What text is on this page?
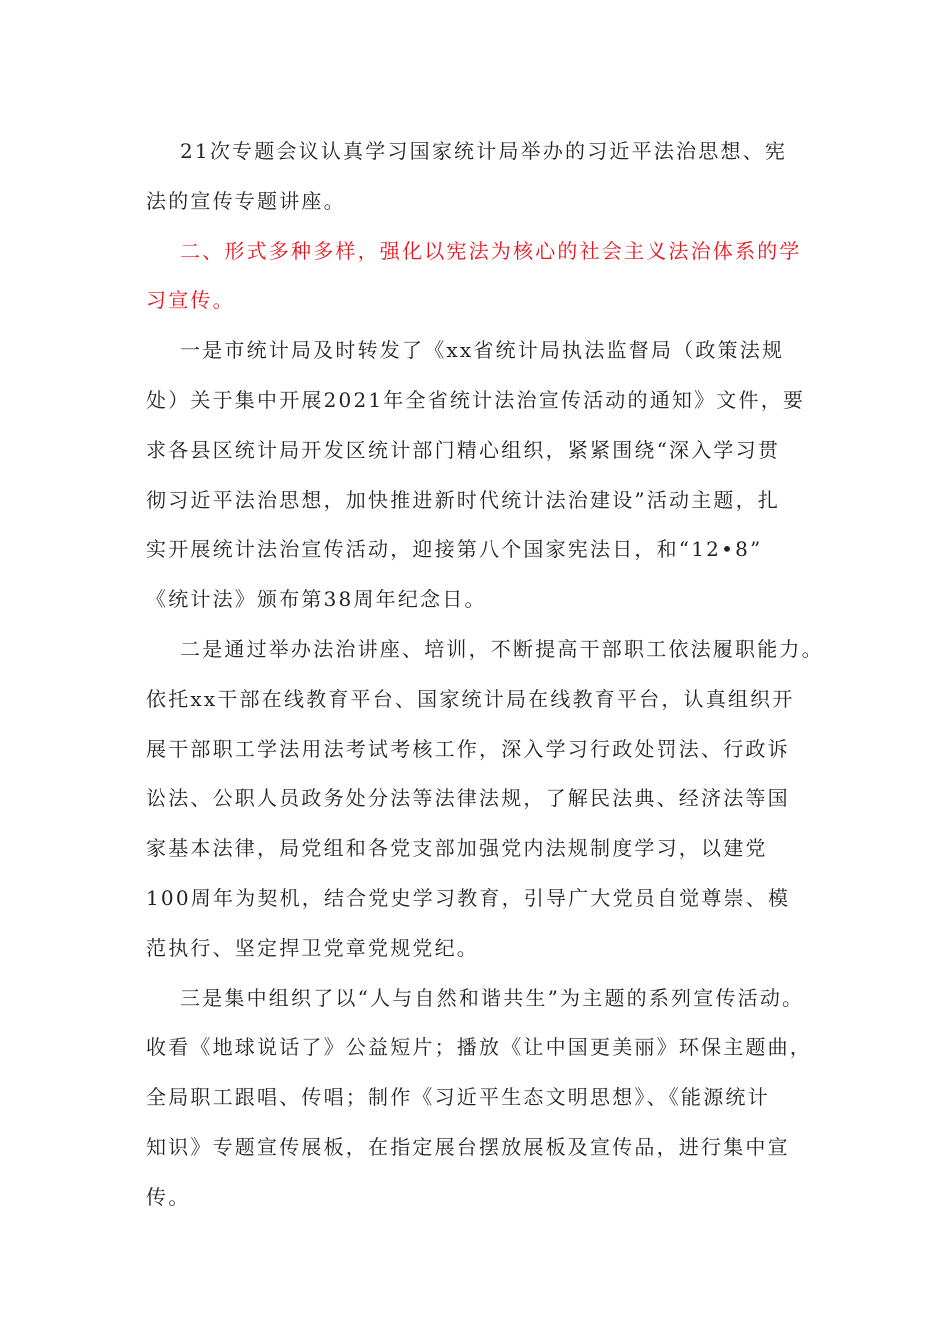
21次专题会议认真学习国家统计局举办的习近平法治思想、宪
法的宣传专题讲座。
二、形式多种多样，强化以宪法为核心的社会主义法治体系的学
习宣传。
一是市统计局及时转发了《xx省统计局执法监督局（政策法规
处）关于集中开展2021年全省统计法治宣传活动的通知》文件，要
求各县区统计局开发区统计部门精心组织，紧紧围绕“深入学习贯
彻习近平法治思想，加快推进新时代统计法治建设”活动主题，扎
实开展统计法治宣传活动，迎接第八个国家宪法日，和“12•8”
《统计法》颁布第38周年纪念日。
二是通过举办法治讲座、培训，不断提高干部职工依法履职能力。
依托xx干部在线教育平台、国家统计局在线教育平台，认真组织开
展干部职工学法用法考试考核工作，深入学习行政处罚法、行政诉
讼法、公职人员政务处分法等法律法规，了解民法典、经济法等国
家基本法律，局党组和各党支部加强党内法规制度学习，以建党
100周年为契机，结合党史学习教育，引导广大党员自觉尊崇、模
范执行、坚定捍卫党章党规党纪。
三是集中组织了以“人与自然和谐共生”为主题的系列宣传活动。
收看《地球说话了》公益短片；播放《让中国更美丽》环保主题曲，
全局职工跟唱、传唱；制作《习近平生态文明思想》、《能源统计
知识》专题宣传展板，在指定展台摆放展板及宣传品，进行集中宣
传。
